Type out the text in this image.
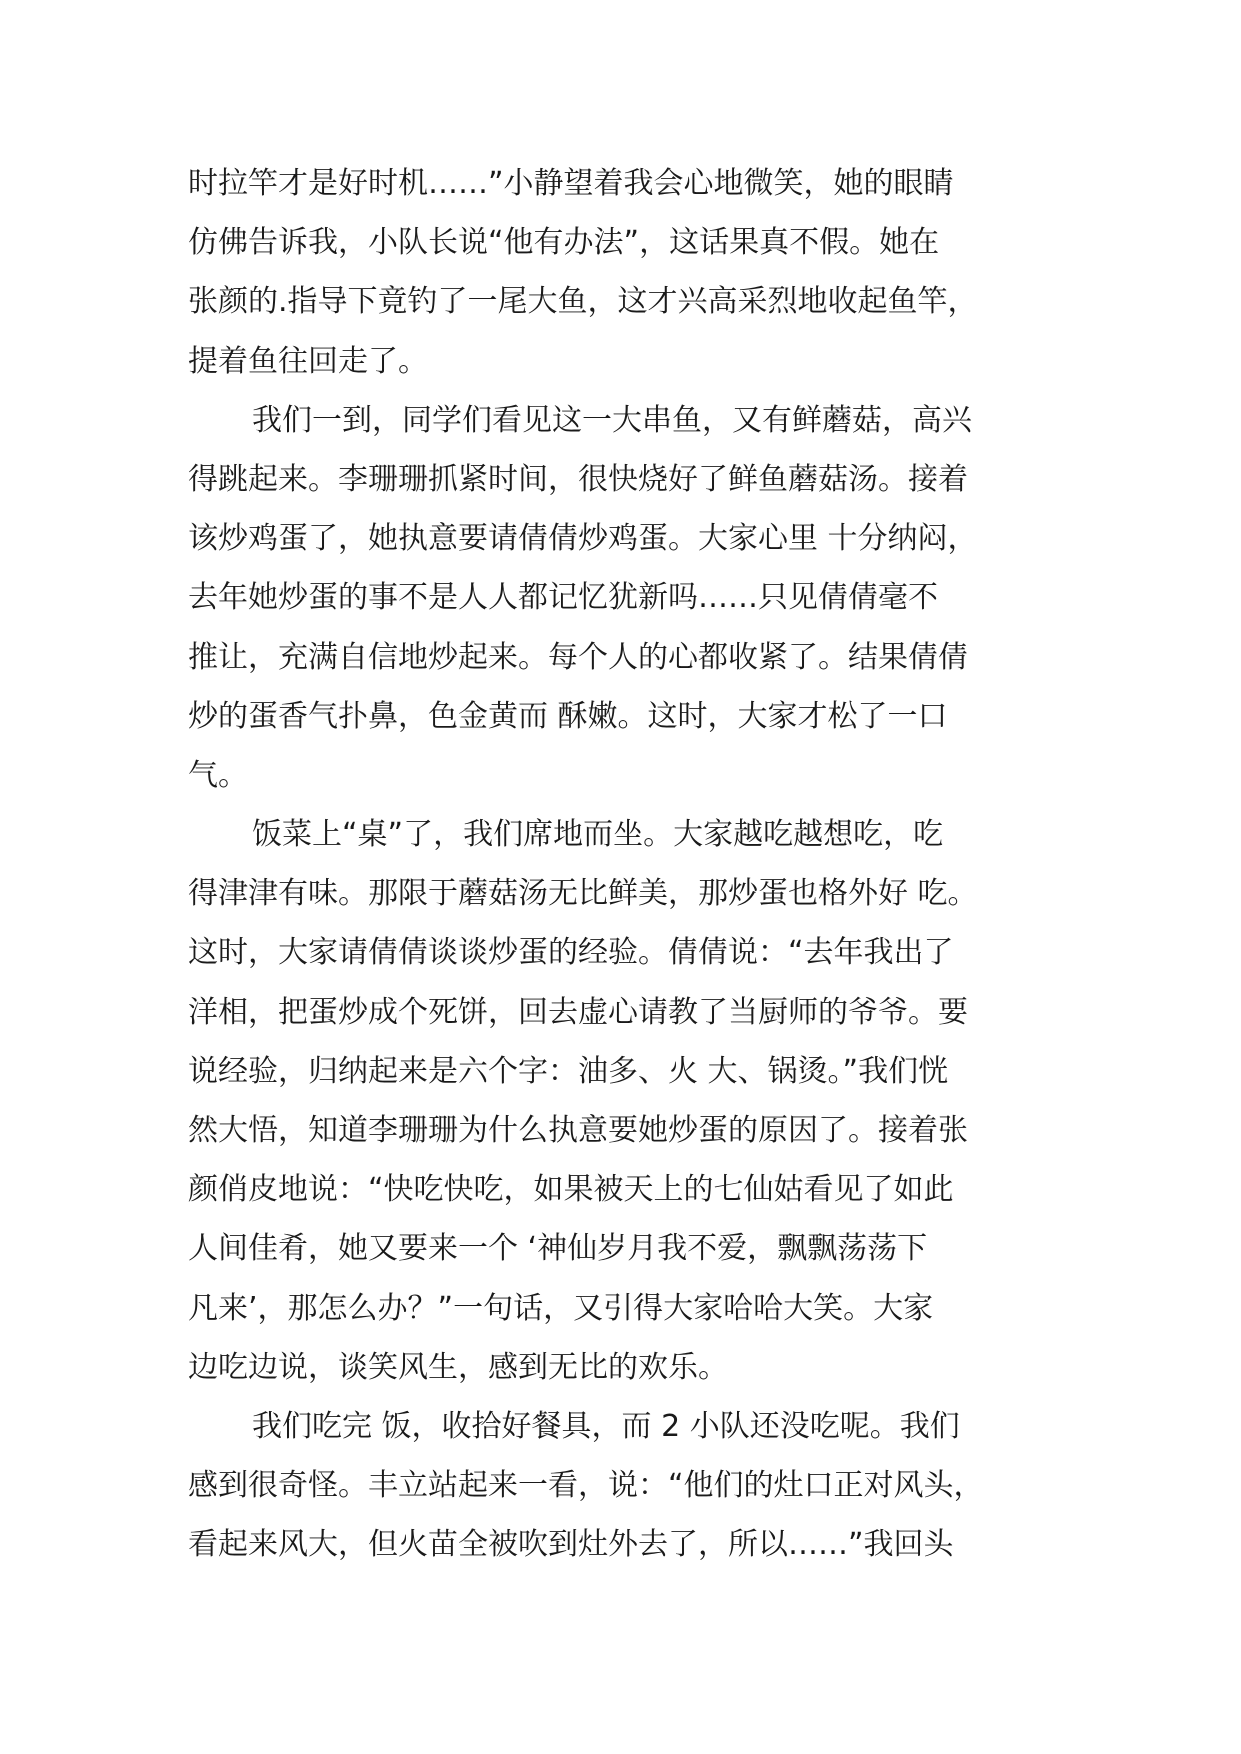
时拉竿才是好时机……”小静望着我会心地微笑，她的眼睛
仿佛告诉我，小队长说“他有办法”，这话果真不假。她在
张颜的.指导下竟钓了一尾大鱼，这才兴高采烈地收起鱼竿，
提着鱼往回走了。

我们一到，同学们看见这一大串鱼，又有鲜蘑菇，高兴
得跳起来。李珊珊抓紧时间，很快烧好了鲜鱼蘑菇汤。接着
该炒鸡蛋了，她执意要请倩倩炒鸡蛋。大家心里 十分纳闷，
去年她炒蛋的事不是人人都记忆犹新吗……只见倩倩毫不
推让，充满自信地炒起来。每个人的心都收紧了。结果倩倩
炒的蛋香气扑鼻，色金黄而 酥嫩。这时，大家才松了一口
气。

饭菜上“桌”了，我们席地而坐。大家越吃越想吃，吃
得津津有味。那限于蘑菇汤无比鲜美，那炒蛋也格外好 吃。
这时，大家请倩倩谈谈炒蛋的经验。倩倩说：“去年我出了
洋相，把蛋炒成个死饼，回去虚心请教了当厨师的爷爷。要
说经验，归纳起来是六个字：油多、火 大、锅烫。”我们恍
然大悟，知道李珊珊为什么执意要她炒蛋的原因了。接着张
颜俏皮地说：“快吃快吃，如果被天上的七仙姑看见了如此
人间佳肴，她又要来一个 ‘神仙岁月我不爱，飘飘荡荡下
凡来’，那怎么办？”一句话，又引得大家哈哈大笑。大家
边吃边说，谈笑风生，感到无比的欢乐。

我们吃完 饭，收拾好餐具，而 2 小队还没吃呢。我们
感到很奇怪。丰立站起来一看，说：“他们的灶口正对风头，
看起来风大，但火苗全被吹到灶外去了，所以……”我回头
